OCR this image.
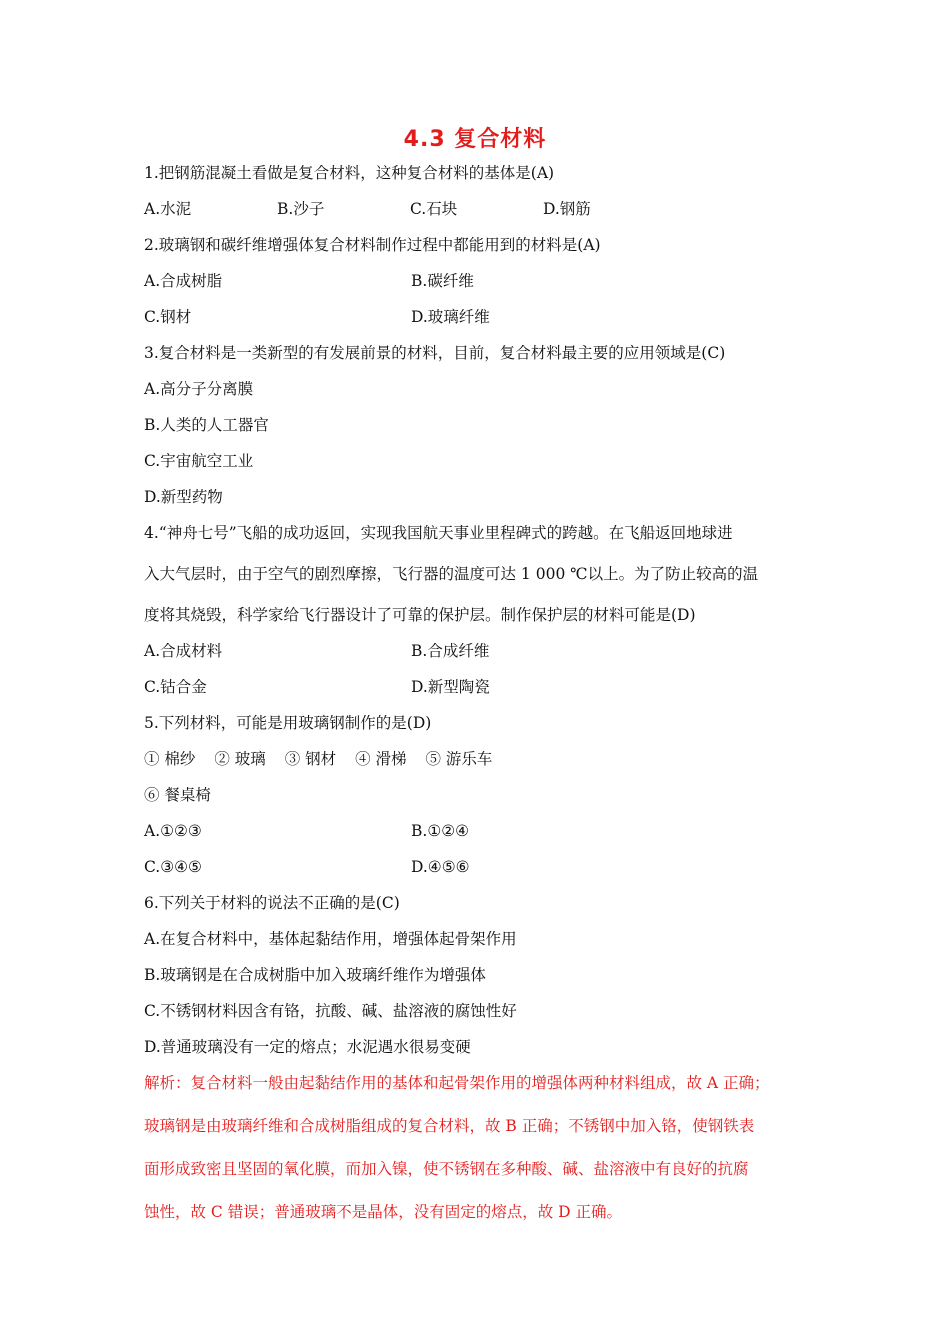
4.3 复合材料
1.把钢筋混凝土看做是复合材料，这种复合材料的基体是(A)
A.水泥	B.沙子	C.石块	D.钢筋
2.玻璃钢和碳纤维增强体复合材料制作过程中都能用到的材料是(A)
A.合成树脂	B.碳纤维
C.钢材	D.玻璃纤维
3.复合材料是一类新型的有发展前景的材料，目前，复合材料最主要的应用领域是(C)
A.高分子分离膜
B.人类的人工器官
C.宇宙航空工业
D.新型药物
4.“神舟七号”飞船的成功返回，实现我国航天事业里程碑式的跨越。在飞船返回地球进
入大气层时，由于空气的剧烈摩擦，飞行器的温度可达 1 000 ℃以上。为了防止较高的温
度将其烧毁，科学家给飞行器设计了可靠的保护层。制作保护层的材料可能是(D)
A.合成材料	B.合成纤维
C.钴合金	D.新型陶瓷
5.下列材料，可能是用玻璃钢制作的是(D)
① 棉纱 ② 玻璃 ③ 钢材 ④ 滑梯 ⑤ 游乐车
⑥ 餐桌椅
A.①②③	B.①②④
C.③④⑤	D.④⑤⑥
6.下列关于材料的说法不正确的是(C)
A.在复合材料中，基体起黏结作用，增强体起骨架作用
B.玻璃钢是在合成树脂中加入玻璃纤维作为增强体
C.不锈钢材料因含有铬，抗酸、碱、盐溶液的腐蚀性好
D.普通玻璃没有一定的熔点；水泥遇水很易变硬
解析：复合材料一般由起黏结作用的基体和起骨架作用的增强体两种材料组成，故 A 正确；
玻璃钢是由玻璃纤维和合成树脂组成的复合材料，故 B 正确；不锈钢中加入铬，使钢铁表
面形成致密且坚固的氧化膜，而加入镍，使不锈钢在多种酸、碱、盐溶液中有良好的抗腐
蚀性，故 C 错误；普通玻璃不是晶体，没有固定的熔点，故 D 正确。
